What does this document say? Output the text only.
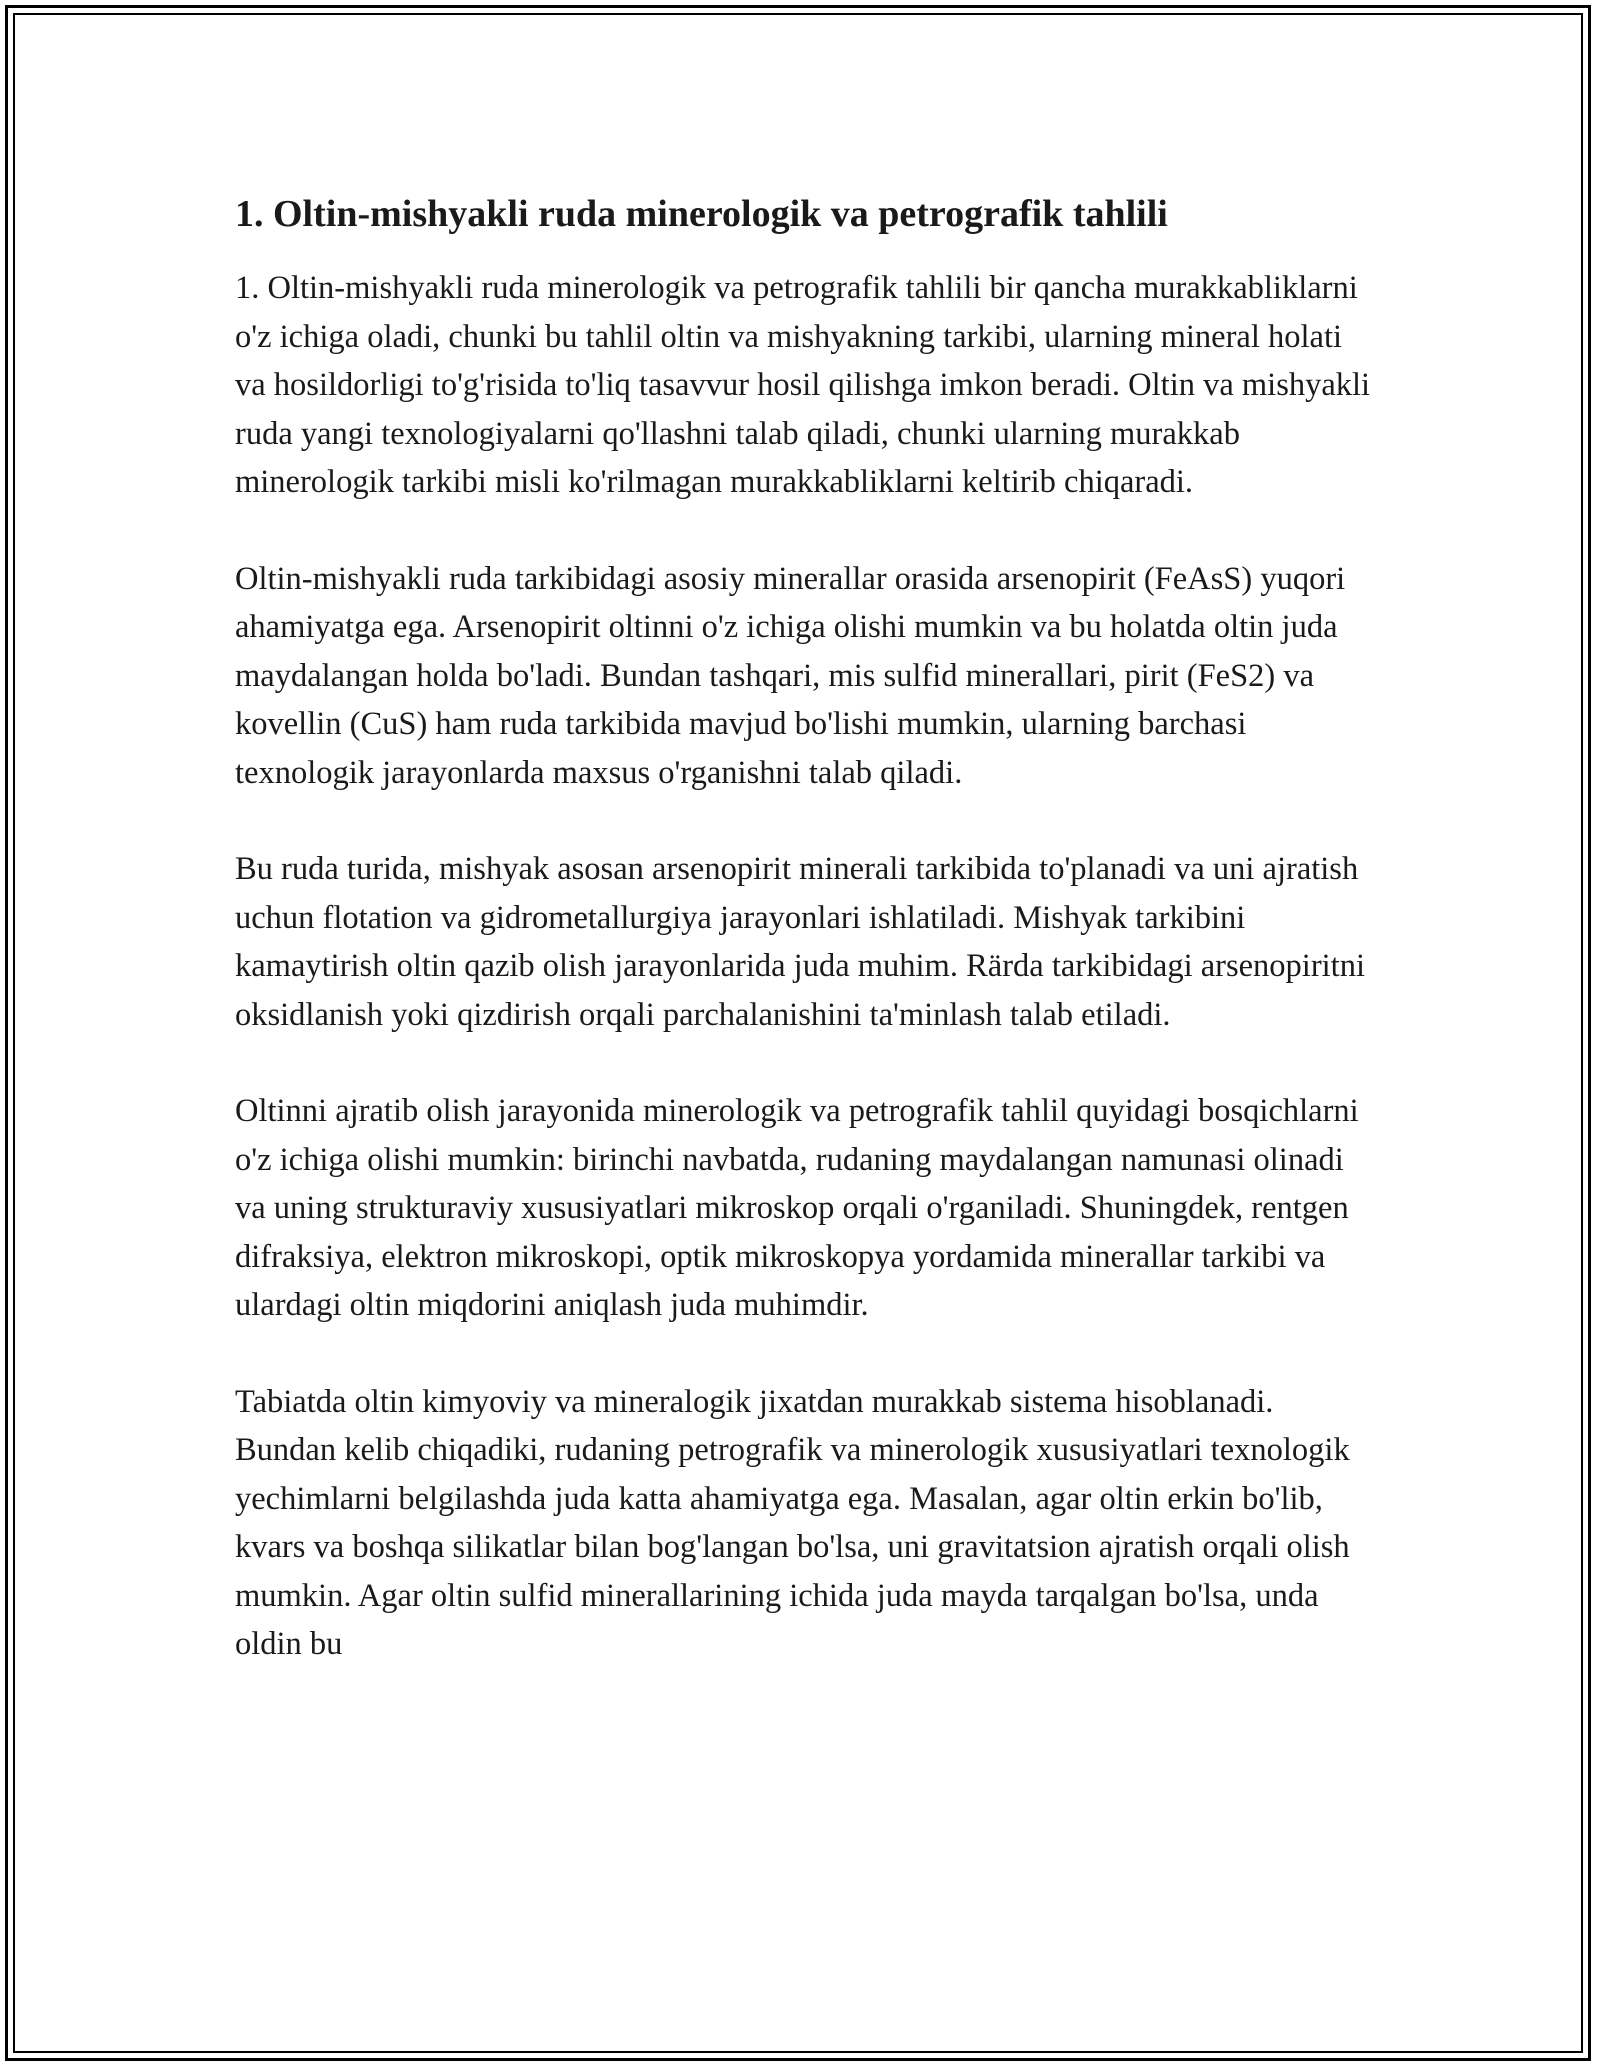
1. Oltin-mishyakli ruda minerologik va petrografik tahlili

1. Oltin-mishyakli ruda minerologik va petrografik tahlili bir qancha murakkabliklarni o'z ichiga oladi, chunki bu tahlil oltin va mishyakning tarkibi, ularning mineral holati va hosildorligi to'g'risida to'liq tasavvur hosil qilishga imkon beradi. Oltin va mishyakli ruda yangi texnologiyalarni qo'llashni talab qiladi, chunki ularning murakkab minerologik tarkibi misli ko'rilmagan murakkabliklarni keltirib chiqaradi.

Oltin-mishyakli ruda tarkibidagi asosiy minerallar orasida arsenopirit (FeAsS) yuqori ahamiyatga ega. Arsenopirit oltinni o'z ichiga olishi mumkin va bu holatda oltin juda maydalangan holda bo'ladi. Bundan tashqari, mis sulfid minerallari, pirit (FeS2) va kovellin (CuS) ham ruda tarkibida mavjud bo'lishi mumkin, ularning barchasi texnologik jarayonlarda maxsus o'rganishni talab qiladi.

Bu ruda turida, mishyak asosan arsenopirit minerali tarkibida to'planadi va uni ajratish uchun flotation va gidrometallurgiya jarayonlari ishlatiladi. Mishyak tarkibini kamaytirish oltin qazib olish jarayonlarida juda muhim. Rärda tarkibidagi arsenopiritni oksidlanish yoki qizdirish orqali parchalanishini ta'minlash talab etiladi.

Oltinni ajratib olish jarayonida minerologik va petrografik tahlil quyidagi bosqichlarni o'z ichiga olishi mumkin: birinchi navbatda, rudaning maydalangan namunasi olinadi va uning strukturaviy xususiyatlari mikroskop orqali o'rganiladi. Shuningdek, rentgen difraksiya, elektron mikroskopi, optik mikroskopya yordamida minerallar tarkibi va ulardagi oltin miqdorini aniqlash juda muhimdir.

Tabiatda oltin kimyoviy va mineralogik jixatdan murakkab sistema hisoblanadi. Bundan kelib chiqadiki, rudaning petrografik va minerologik xususiyatlari texnologik yechimlarni belgilashda juda katta ahamiyatga ega. Masalan, agar oltin erkin bo'lib, kvars va boshqa silikatlar bilan bog'langan bo'lsa, uni gravitatsion ajratish orqali olish mumkin. Agar oltin sulfid minerallarining ichida juda mayda tarqalgan bo'lsa, unda oldin bu
